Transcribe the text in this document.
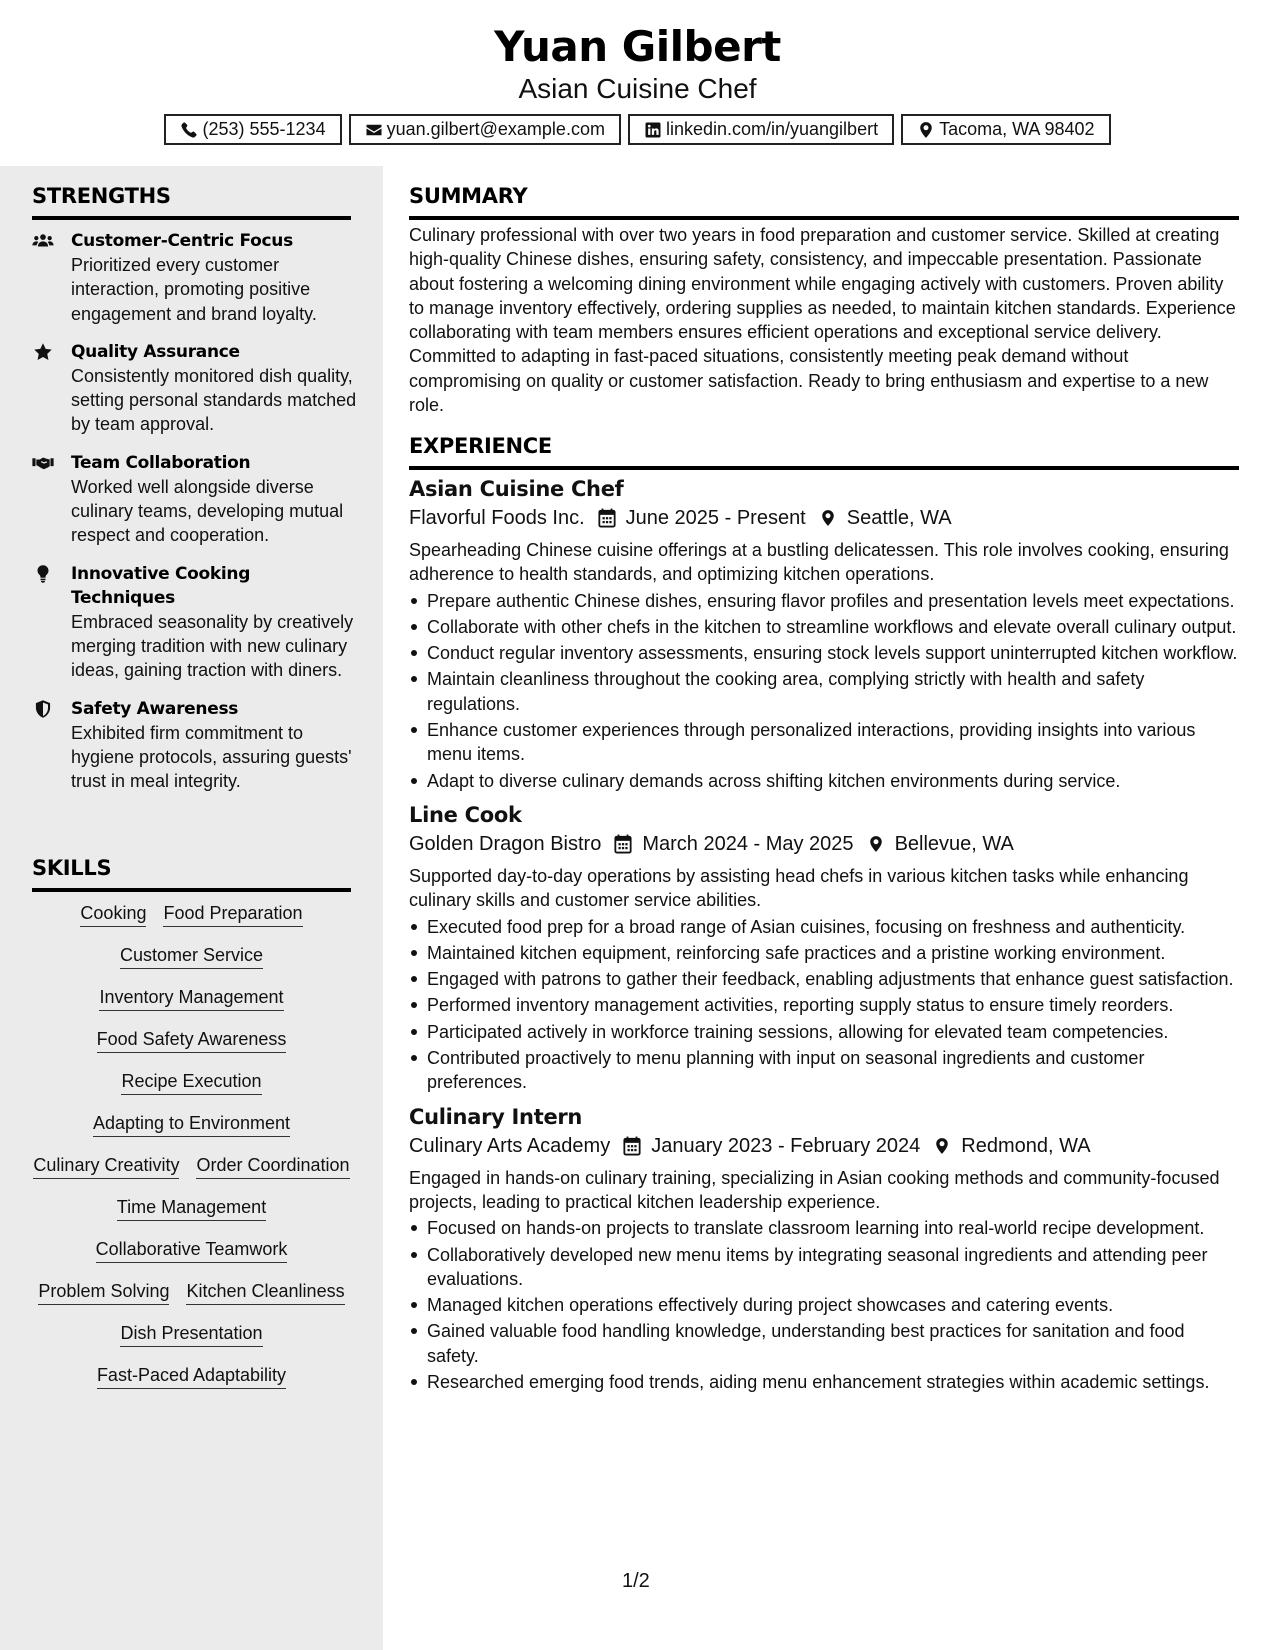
Yuan Gilbert
Asian Cuisine Chef
(253) 555-1234	yuan.gilbert@example.com	linkedin.com/in/yuangilbert	Tacoma, WA 98402
STRENGTHS
Customer-Centric Focus
Prioritized every customer interaction, promoting positive engagement and brand loyalty.
Quality Assurance
Consistently monitored dish quality, setting personal standards matched by team approval.
Team Collaboration
Worked well alongside diverse culinary teams, developing mutual respect and cooperation.
Innovative Cooking Techniques
Embraced seasonality by creatively merging tradition with new culinary ideas, gaining traction with diners.
Safety Awareness
Exhibited firm commitment to hygiene protocols, assuring guests' trust in meal integrity.
SKILLS
Cooking Food Preparation
Customer Service
Inventory Management
Food Safety Awareness
Recipe Execution
Adapting to Environment
Culinary Creativity Order Coordination
Time Management
Collaborative Teamwork
Problem Solving Kitchen Cleanliness
Dish Presentation
Fast-Paced Adaptability
SUMMARY
Culinary professional with over two years in food preparation and customer service. Skilled at creating high-quality Chinese dishes, ensuring safety, consistency, and impeccable presentation. Passionate about fostering a welcoming dining environment while engaging actively with customers. Proven ability to manage inventory effectively, ordering supplies as needed, to maintain kitchen standards. Experience collaborating with team members ensures efficient operations and exceptional service delivery. Committed to adapting in fast-paced situations, consistently meeting peak demand without compromising on quality or customer satisfaction. Ready to bring enthusiasm and expertise to a new role.
EXPERIENCE
Asian Cuisine Chef
Flavorful Foods Inc. June 2025 - Present Seattle, WA
Spearheading Chinese cuisine offerings at a bustling delicatessen. This role involves cooking, ensuring adherence to health standards, and optimizing kitchen operations.
Prepare authentic Chinese dishes, ensuring flavor profiles and presentation levels meet expectations.
Collaborate with other chefs in the kitchen to streamline workflows and elevate overall culinary output.
Conduct regular inventory assessments, ensuring stock levels support uninterrupted kitchen workflow.
Maintain cleanliness throughout the cooking area, complying strictly with health and safety regulations.
Enhance customer experiences through personalized interactions, providing insights into various menu items.
Adapt to diverse culinary demands across shifting kitchen environments during service.
Line Cook
Golden Dragon Bistro March 2024 - May 2025 Bellevue, WA
Supported day-to-day operations by assisting head chefs in various kitchen tasks while enhancing culinary skills and customer service abilities.
Executed food prep for a broad range of Asian cuisines, focusing on freshness and authenticity.
Maintained kitchen equipment, reinforcing safe practices and a pristine working environment.
Engaged with patrons to gather their feedback, enabling adjustments that enhance guest satisfaction.
Performed inventory management activities, reporting supply status to ensure timely reorders.
Participated actively in workforce training sessions, allowing for elevated team competencies.
Contributed proactively to menu planning with input on seasonal ingredients and customer preferences.
Culinary Intern
Culinary Arts Academy January 2023 - February 2024 Redmond, WA
Engaged in hands-on culinary training, specializing in Asian cooking methods and community-focused projects, leading to practical kitchen leadership experience.
Focused on hands-on projects to translate classroom learning into real-world recipe development.
Collaboratively developed new menu items by integrating seasonal ingredients and attending peer evaluations.
Managed kitchen operations effectively during project showcases and catering events.
Gained valuable food handling knowledge, understanding best practices for sanitation and food safety.
Researched emerging food trends, aiding menu enhancement strategies within academic settings.
1/2
